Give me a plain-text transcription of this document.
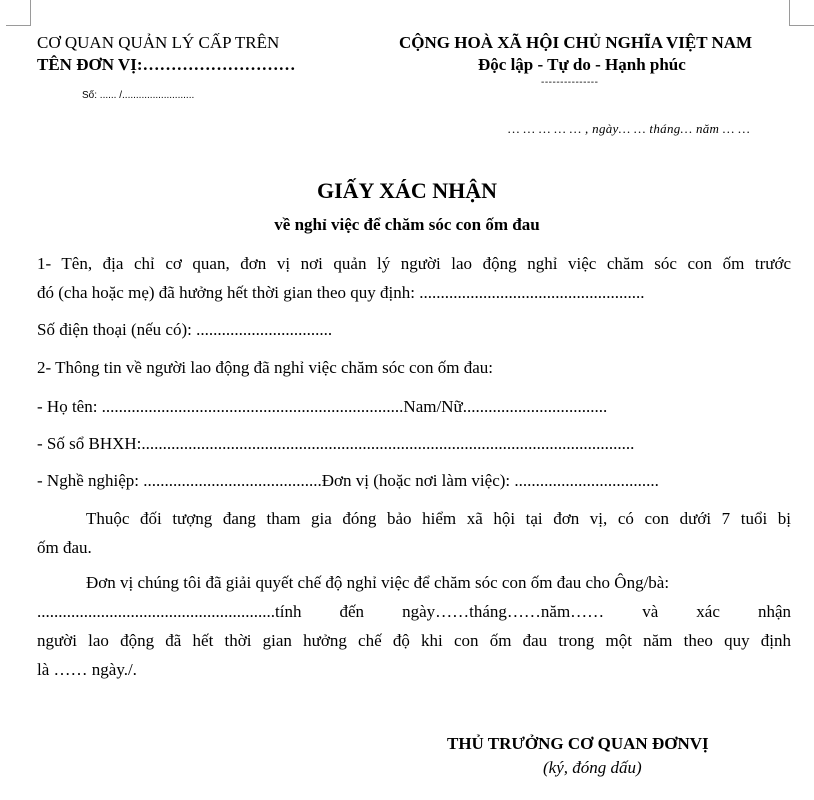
CƠ QUAN QUẢN LÝ CẤP TRÊN
TÊN ĐƠN VỊ:………………………
Số: ...... /..........................
CỘNG HOÀ XÃ HỘI CHỦ NGHĨA VIỆT NAM
Độc lập - Tự do - Hạnh phúc
---------------
… … … … … , ngày… … tháng… năm … …
GIẤY XÁC NHẬN
về nghỉ việc để chăm sóc con ốm đau
1- Tên, địa chỉ cơ quan, đơn vị nơi quản lý người lao động nghỉ việc chăm sóc con ốm trước
đó (cha hoặc mẹ) đã hưởng hết thời gian theo quy định: .....................................................
Số điện thoại (nếu có): ................................
2- Thông tin về người lao động đã nghỉ việc chăm sóc con ốm đau:
- Họ tên: .......................................................................Nam/Nữ..................................
- Số sổ BHXH:....................................................................................................................
- Nghề nghiệp: ..........................................Đơn vị (hoặc nơi làm việc): ..................................
Thuộc đối tượng đang tham gia đóng bảo hiểm xã hội tại đơn vị, có con dưới 7 tuổi bị
ốm đau.
Đơn vị chúng tôi đã giải quyết chế độ nghỉ việc để chăm sóc con ốm đau cho Ông/bà:
........................................................tính đến ngày……tháng……năm…… và xác nhận
người lao động đã hết thời gian hưởng chế độ khi con ốm đau trong một năm theo quy định
là …… ngày./.
THỦ TRƯỞNG CƠ QUAN ĐƠNVỊ
(ký, đóng dấu)
